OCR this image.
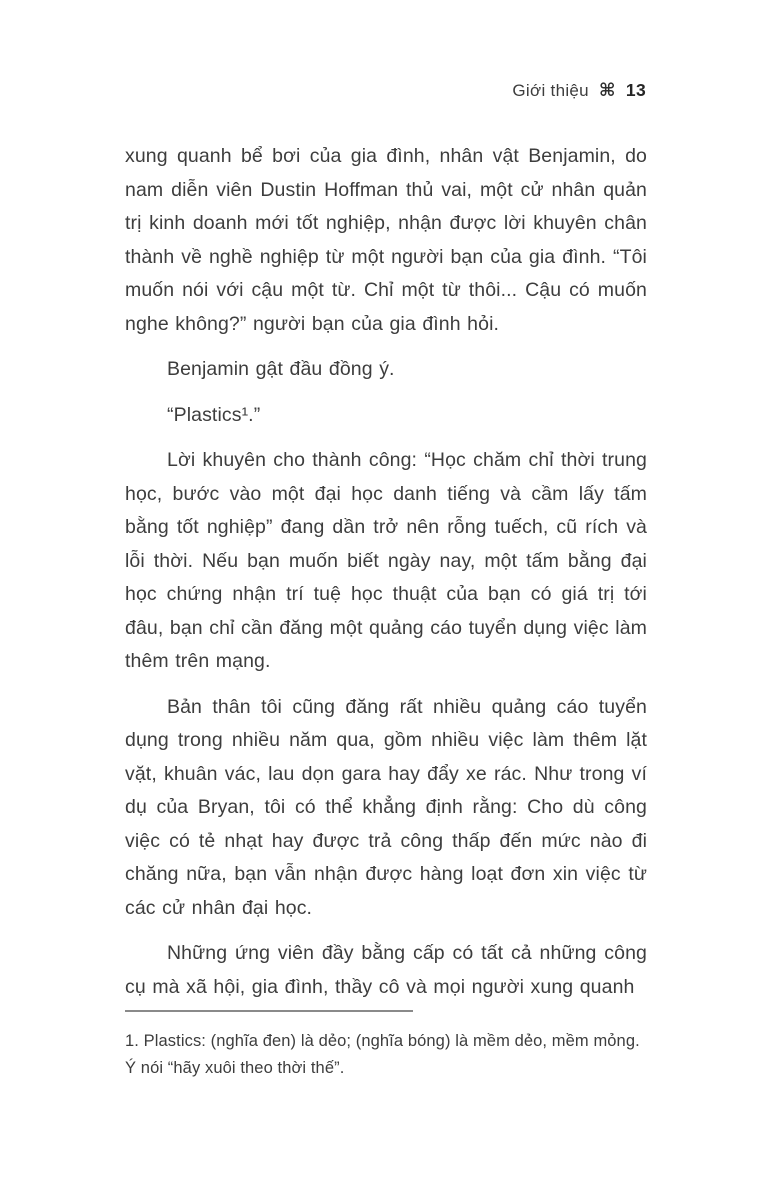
Giới thiệu ⌘ 13

xung quanh bể bơi của gia đình, nhân vật Benjamin, do nam diễn viên Dustin Hoffman thủ vai, một cử nhân quản trị kinh doanh mới tốt nghiệp, nhận được lời khuyên chân thành về nghề nghiệp từ một người bạn của gia đình. “Tôi muốn nói với cậu một từ. Chỉ một từ thôi... Cậu có muốn nghe không?” người bạn của gia đình hỏi.

Benjamin gật đầu đồng ý.

“Plastics¹.”

Lời khuyên cho thành công: “Học chăm chỉ thời trung học, bước vào một đại học danh tiếng và cầm lấy tấm bằng tốt nghiệp” đang dần trở nên rỗng tuếch, cũ rích và lỗi thời. Nếu bạn muốn biết ngày nay, một tấm bằng đại học chứng nhận trí tuệ học thuật của bạn có giá trị tới đâu, bạn chỉ cần đăng một quảng cáo tuyển dụng việc làm thêm trên mạng.

Bản thân tôi cũng đăng rất nhiều quảng cáo tuyển dụng trong nhiều năm qua, gồm nhiều việc làm thêm lặt vặt, khuân vác, lau dọn gara hay đẩy xe rác. Như trong ví dụ của Bryan, tôi có thể khẳng định rằng: Cho dù công việc có tẻ nhạt hay được trả công thấp đến mức nào đi chăng nữa, bạn vẫn nhận được hàng loạt đơn xin việc từ các cử nhân đại học.

Những ứng viên đầy bằng cấp có tất cả những công cụ mà xã hội, gia đình, thầy cô và mọi người xung quanh

1. Plastics: (nghĩa đen) là dẻo; (nghĩa bóng) là mềm dẻo, mềm mỏng. Ý nói “hãy xuôi theo thời thế”.
